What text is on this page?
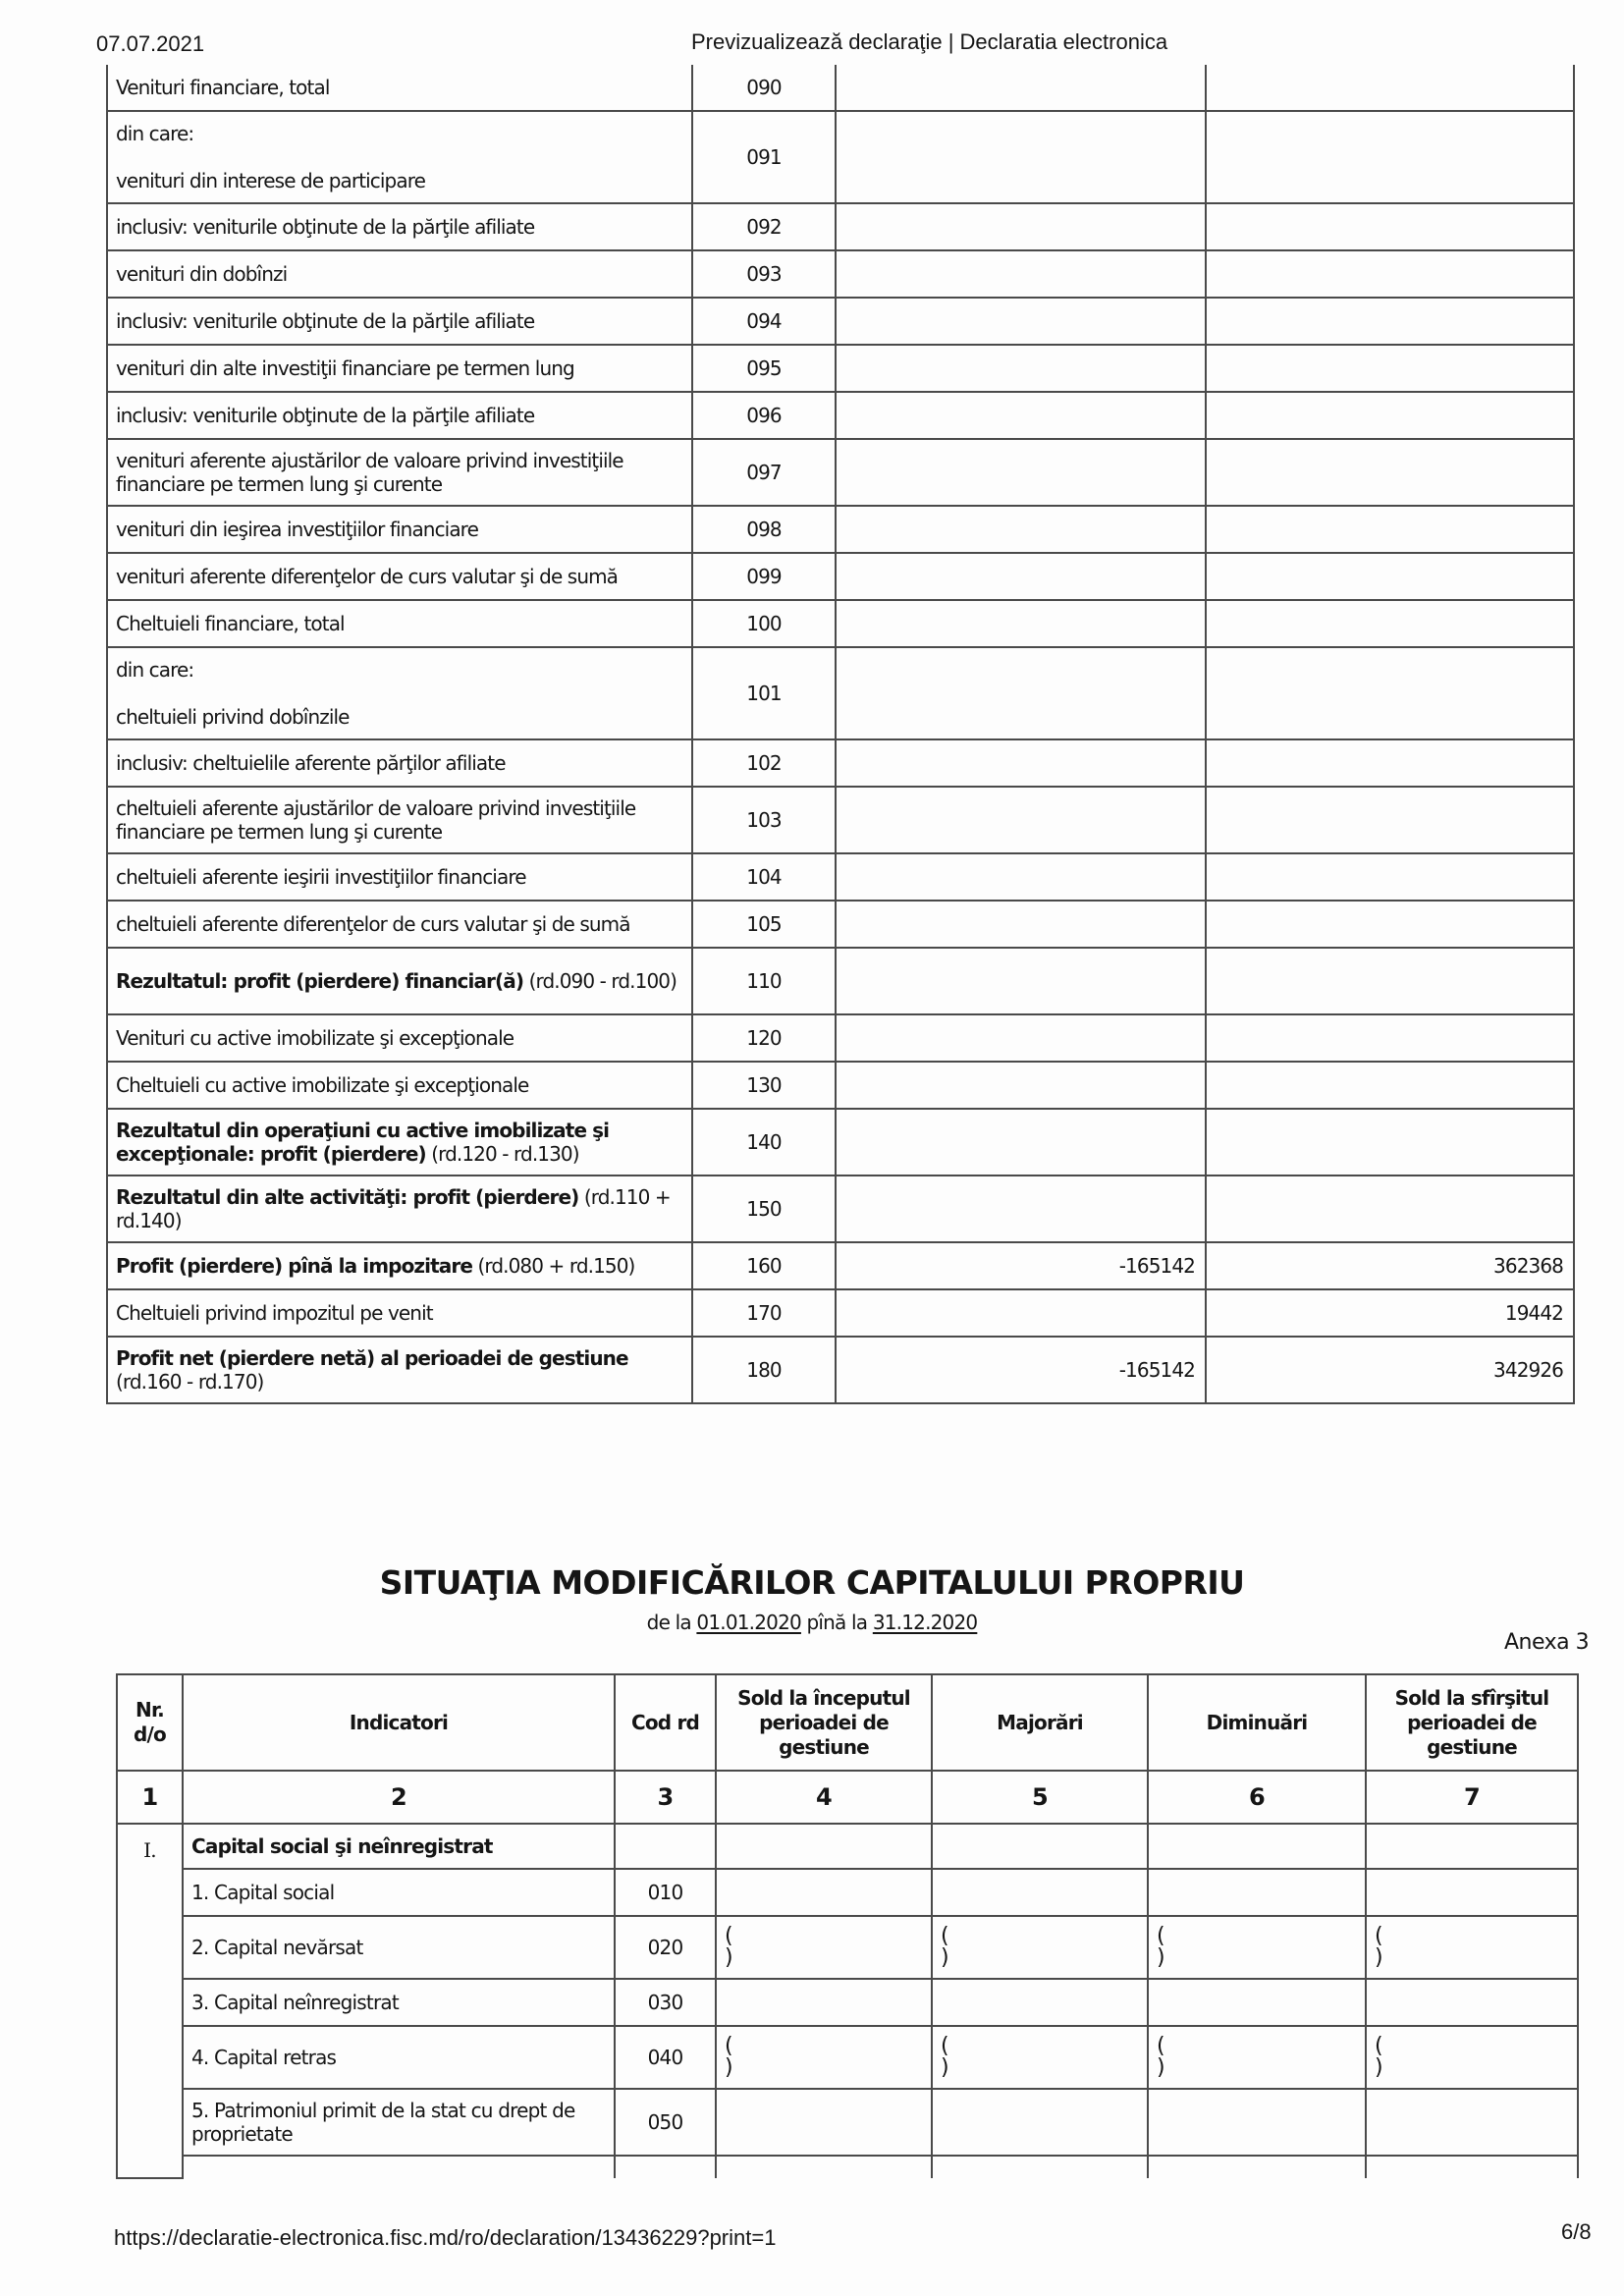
07.07.2021	Previzualizează declaraţie | Declaratia electronica
Venituri financiare, total	090		

din care:
venituri din interese de participare	091		
inclusiv: veniturile obţinute de la părţile afiliate	092		
venituri din dobînzi	093		
inclusiv: veniturile obţinute de la părţile afiliate	094		
venituri din alte investiţii financiare pe termen lung	095		
inclusiv: veniturile obţinute de la părţile afiliate	096		
venituri aferente ajustărilor de valoare privind investiţiile financiare pe termen lung şi curente	097		
venituri din ieşirea investiţiilor financiare	098		
venituri aferente diferenţelor de curs valutar şi de sumă	099		
Cheltuieli financiare, total	100		

din care:
cheltuieli privind dobînzile	101		
inclusiv: cheltuielile aferente părţilor afiliate	102		
cheltuieli aferente ajustărilor de valoare privind investiţiile financiare pe termen lung şi curente	103		
cheltuieli aferente ieşirii investiţiilor financiare	104		
cheltuieli aferente diferenţelor de curs valutar şi de sumă	105		
Rezultatul: profit (pierdere) financiar(ă) (rd.090 - rd.100)	110		
Venituri cu active imobilizate şi excepţionale	120		
Cheltuieli cu active imobilizate şi excepţionale	130		
Rezultatul din operaţiuni cu active imobilizate şi excepţionale: profit (pierdere) (rd.120 - rd.130)	140		
Rezultatul din alte activităţi: profit (pierdere) (rd.110 + rd.140)	150		
Profit (pierdere) pînă la impozitare (rd.080 + rd.150)	160	-165142	362368
Cheltuieli privind impozitul pe venit	170		19442
Profit net (pierdere netă) al perioadei de gestiune (rd.160 - rd.170)	180	-165142	342926
SITUAŢIA MODIFICĂRILOR CAPITALULUI PROPRIU
de la 01.01.2020 pînă la 31.12.2020
Anexa 3
Nr. d/o	Indicatori	Cod rd	Sold la începutul perioadei de gestiune	Majorări	Diminuări	Sold la sfîrşitul perioadei de gestiune
1	2	3	4	5	6	7
I.	Capital social şi neînregistrat					
	1. Capital social	010				
	2. Capital nevărsat	020	(
)	(
)	(
)	(
)

	3. Capital neînregistrat	030				
	4. Capital retras	040	(
)	(
)	(
)	(
)

	5. Patrimoniul primit de la stat cu drept de proprietate	050				

https://declaratie-electronica.fisc.md/ro/declaration/13436229?print=1	6/8
